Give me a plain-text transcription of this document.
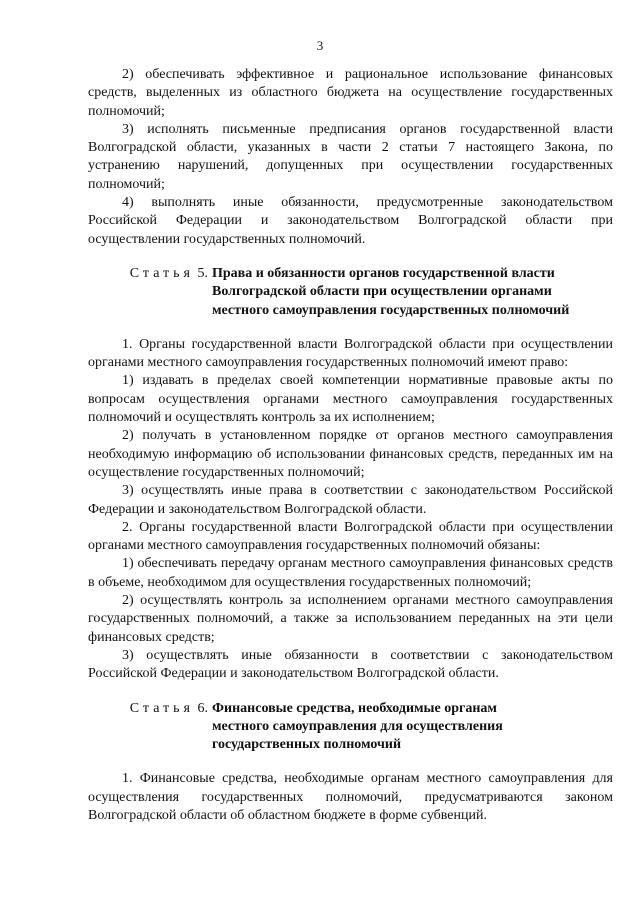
3

2) обеспечивать эффективное и рациональное использование финансовых средств, выделенных из областного бюджета на осуществление государственных полномочий;

3) исполнять письменные предписания органов государственной власти Волгоградской области, указанных в части 2 статьи 7 настоящего Закона, по устранению нарушений, допущенных при осуществлении государственных полномочий;

4) выполнять иные обязанности, предусмотренные законодательством Российской Федерации и законодательством Волгоградской области при осуществлении государственных полномочий.

Статья 5. Права и обязанности органов государственной власти
Волгоградской области при осуществлении органами
местного самоуправления государственных полномочий

1. Органы государственной власти Волгоградской области при осуществлении органами местного самоуправления государственных полномочий имеют право:

1) издавать в пределах своей компетенции нормативные правовые акты по вопросам осуществления органами местного самоуправления государственных полномочий и осуществлять контроль за их исполнением;

2) получать в установленном порядке от органов местного самоуправления необходимую информацию об использовании финансовых средств, переданных им на осуществление государственных полномочий;

3) осуществлять иные права в соответствии с законодательством Российской Федерации и законодательством Волгоградской области.

2. Органы государственной власти Волгоградской области при осуществлении органами местного самоуправления государственных полномочий обязаны:

1) обеспечивать передачу органам местного самоуправления финансовых средств в объеме, необходимом для осуществления государственных полномочий;

2) осуществлять контроль за исполнением органами местного самоуправления государственных полномочий, а также за использованием переданных на эти цели финансовых средств;

3) осуществлять иные обязанности в соответствии с законодательством Российской Федерации и законодательством Волгоградской области.

Статья 6. Финансовые средства, необходимые органам
местного самоуправления для осуществления
государственных полномочий

1. Финансовые средства, необходимые органам местного самоуправления для осуществления государственных полномочий, предусматриваются законом Волгоградской области об областном бюджете в форме субвенций.
